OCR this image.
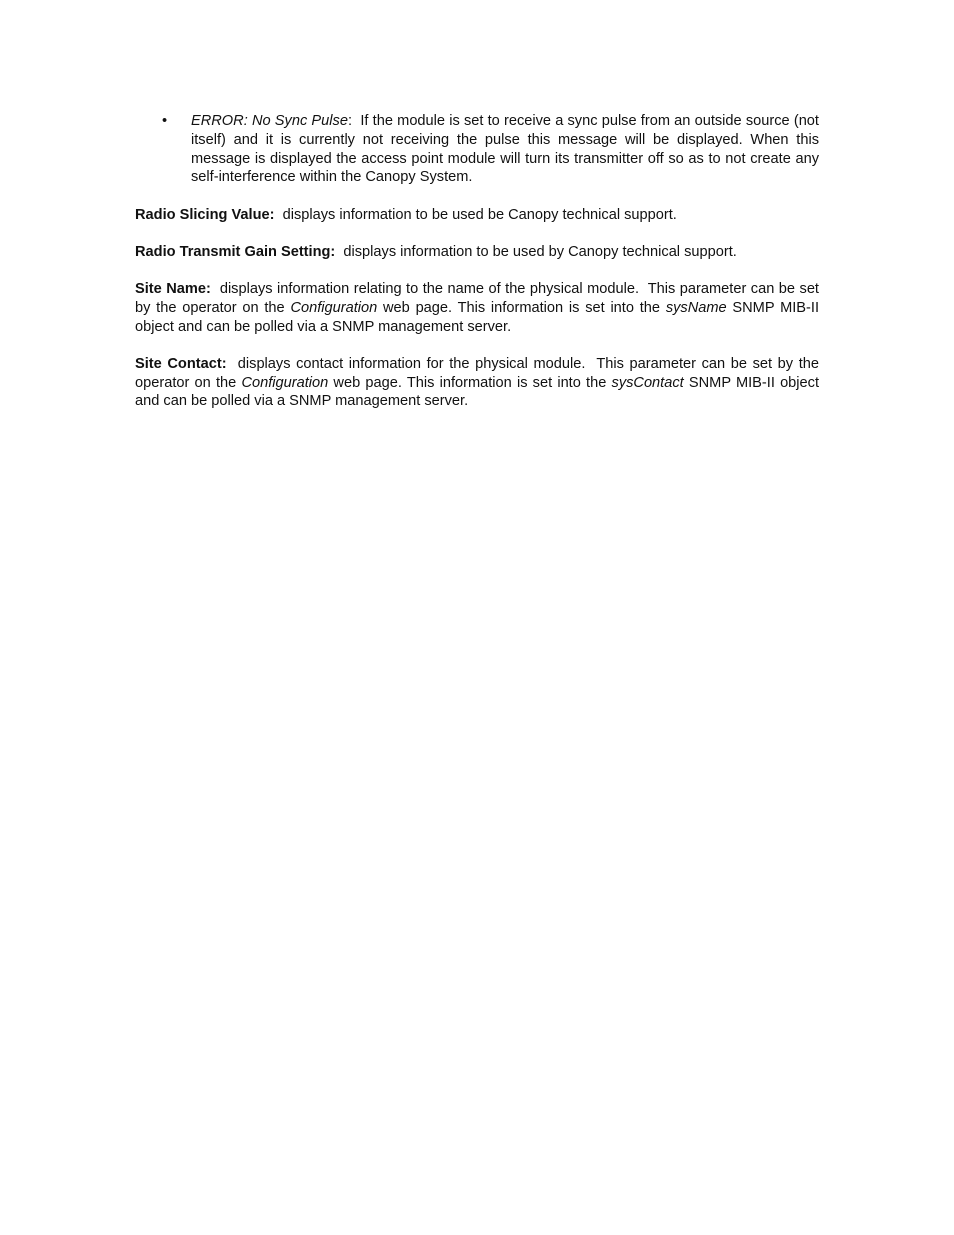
• ERROR: No Sync Pulse:  If the module is set to receive a sync pulse from an outside source (not itself) and it is currently not receiving the pulse this message will be displayed. When this message is displayed the access point module will turn its transmitter off so as to not create any self-interference within the Canopy System.

Radio Slicing Value:  displays information to be used be Canopy technical support.

Radio Transmit Gain Setting:  displays information to be used by Canopy technical support.

Site Name:  displays information relating to the name of the physical module.  This parameter can be set by the operator on the Configuration web page. This information is set into the sysName SNMP MIB-II object and can be polled via a SNMP management server.

Site Contact:  displays contact information for the physical module.  This parameter can be set by the operator on the Configuration web page. This information is set into the sysContact SNMP MIB-II object and can be polled via a SNMP management server.
